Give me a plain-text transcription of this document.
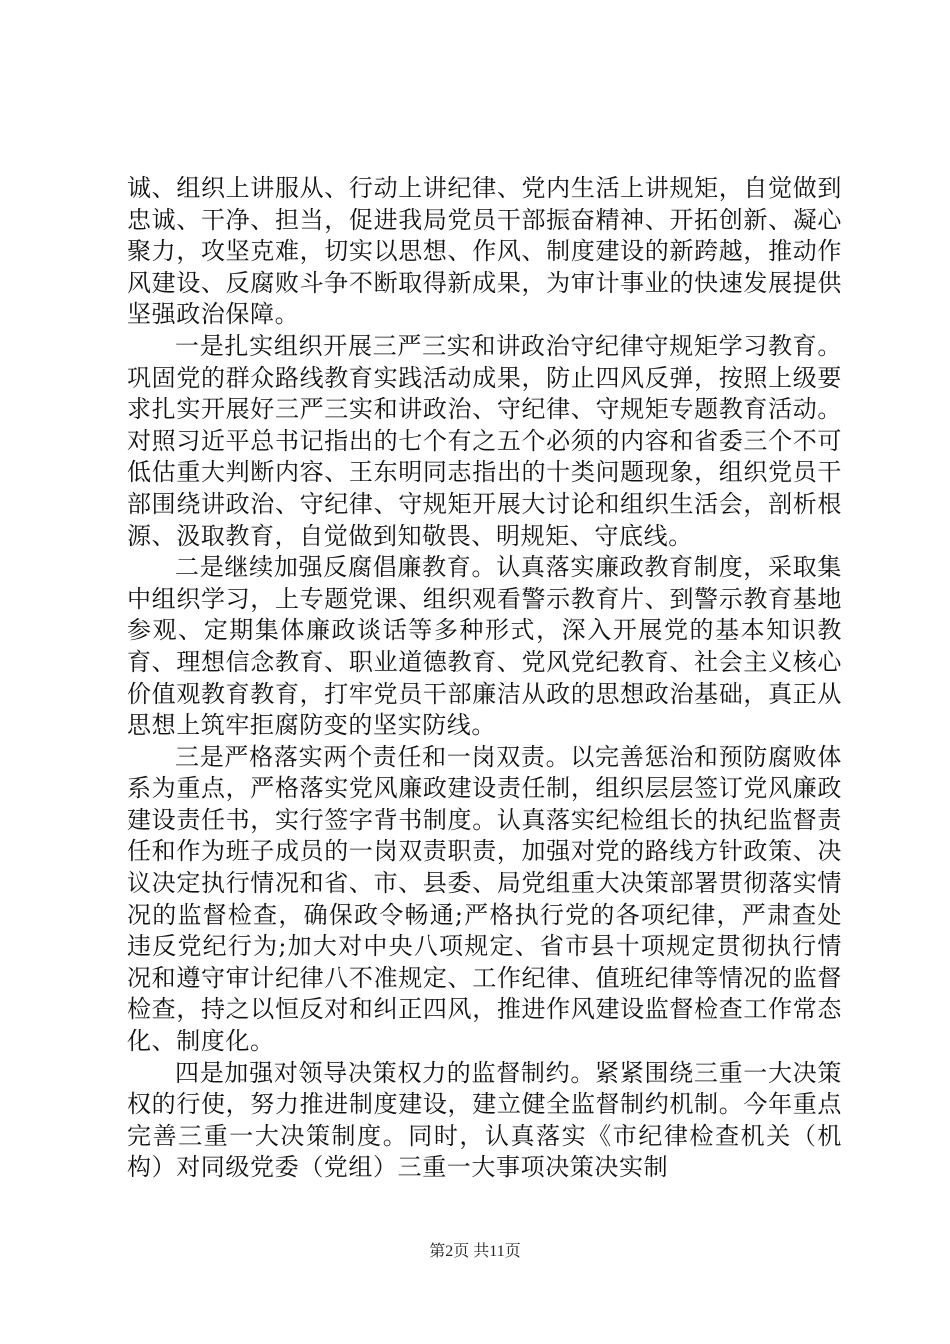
诚、组织上讲服从、行动上讲纪律、党内生活上讲规矩，自觉做到忠诚、干净、担当，促进我局党员干部振奋精神、开拓创新、凝心聚力，攻坚克难，切实以思想、作风、制度建设的新跨越，推动作风建设、反腐败斗争不断取得新成果，为审计事业的快速发展提供坚强政治保障。

一是扎实组织开展三严三实和讲政治守纪律守规矩学习教育。巩固党的群众路线教育实践活动成果，防止四风反弹，按照上级要求扎实开展好三严三实和讲政治、守纪律、守规矩专题教育活动。对照习近平总书记指出的七个有之五个必须的内容和省委三个不可低估重大判断内容、王东明同志指出的十类问题现象，组织党员干部围绕讲政治、守纪律、守规矩开展大讨论和组织生活会，剖析根源、汲取教育，自觉做到知敬畏、明规矩、守底线。

二是继续加强反腐倡廉教育。认真落实廉政教育制度，采取集中组织学习，上专题党课、组织观看警示教育片、到警示教育基地参观、定期集体廉政谈话等多种形式，深入开展党的基本知识教育、理想信念教育、职业道德教育、党风党纪教育、社会主义核心价值观教育教育，打牢党员干部廉洁从政的思想政治基础，真正从思想上筑牢拒腐防变的坚实防线。

三是严格落实两个责任和一岗双责。以完善惩治和预防腐败体系为重点，严格落实党风廉政建设责任制，组织层层签订党风廉政建设责任书，实行签字背书制度。认真落实纪检组长的执纪监督责任和作为班子成员的一岗双责职责，加强对党的路线方针政策、决议决定执行情况和省、市、县委、局党组重大决策部署贯彻落实情况的监督检查，确保政令畅通;严格执行党的各项纪律，严肃查处违反党纪行为;加大对中央八项规定、省市县十项规定贯彻执行情况和遵守审计纪律八不准规定、工作纪律、值班纪律等情况的监督检查，持之以恒反对和纠正四风，推进作风建设监督检查工作常态化、制度化。

四是加强对领导决策权力的监督制约。紧紧围绕三重一大决策权的行使，努力推进制度建设，建立健全监督制约机制。今年重点完善三重一大决策制度。同时，认真落实《市纪律检查机关（机构）对同级党委（党组）三重一大事项决策决实制

第2页 共11页
